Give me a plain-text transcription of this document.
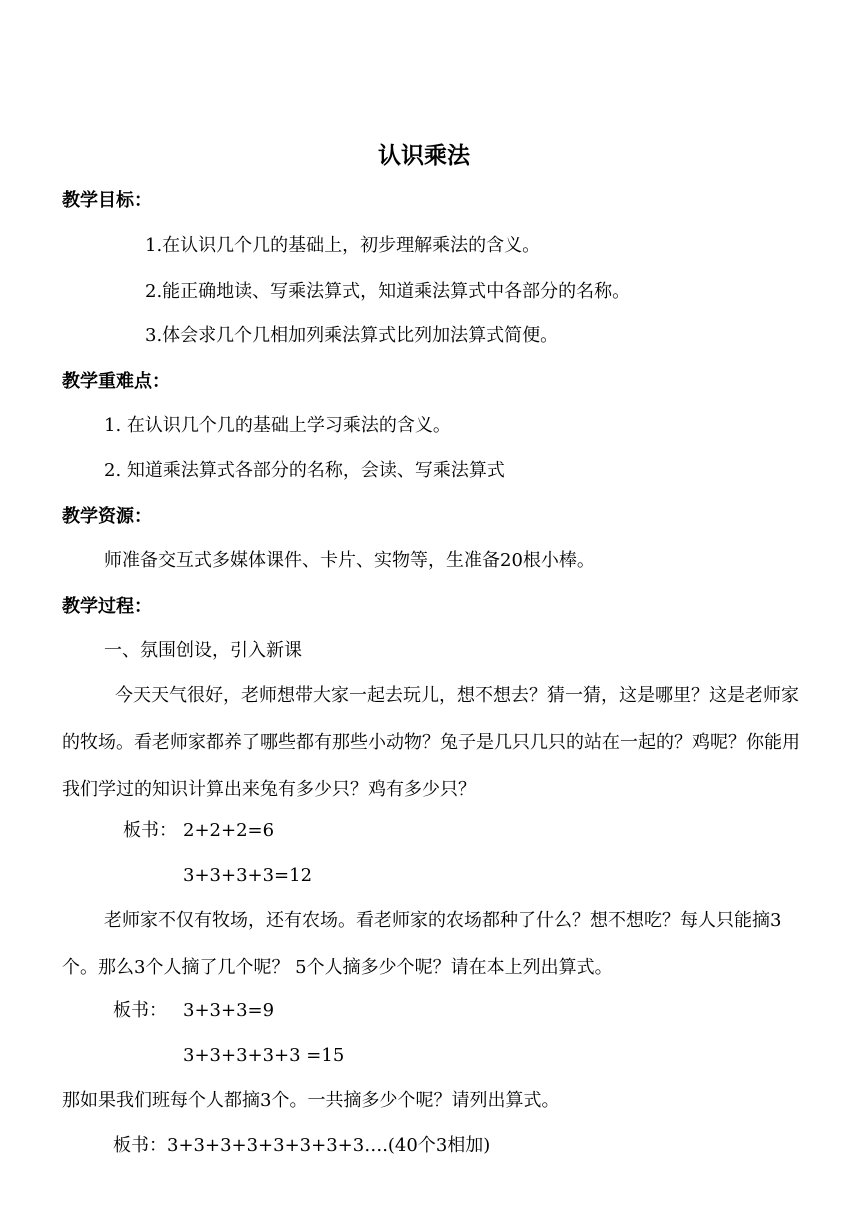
认识乘法
教学目标：
1.在认识几个几的基础上，初步理解乘法的含义。
2.能正确地读、写乘法算式，知道乘法算式中各部分的名称。
3.体会求几个几相加列乘法算式比列加法算式简便。
教学重难点：
1. 在认识几个几的基础上学习乘法的含义。
2. 知道乘法算式各部分的名称，会读、写乘法算式
教学资源：
师准备交互式多媒体课件、卡片、实物等，生准备20根小棒。
教学过程：
一、氛围创设，引入新课
今天天气很好，老师想带大家一起去玩儿，想不想去？猜一猜，这是哪里？这是老师家的牧场。看老师家都养了哪些都有那些小动物？兔子是几只几只的站在一起的？鸡呢？你能用我们学过的知识计算出来兔有多少只？鸡有多少只？
板书： 2+2+2=6
3+3+3+3=12
老师家不仅有牧场，还有农场。看老师家的农场都种了什么？想不想吃？每人只能摘3个。那么3个人摘了几个呢？ 5个人摘多少个呢？请在本上列出算式。
板书： 3+3+3=9
3+3+3+3+3 =15
那如果我们班每个人都摘3个。一共摘多少个呢？请列出算式。
板书：3+3+3+3+3+3+3+3….(40个3相加)
